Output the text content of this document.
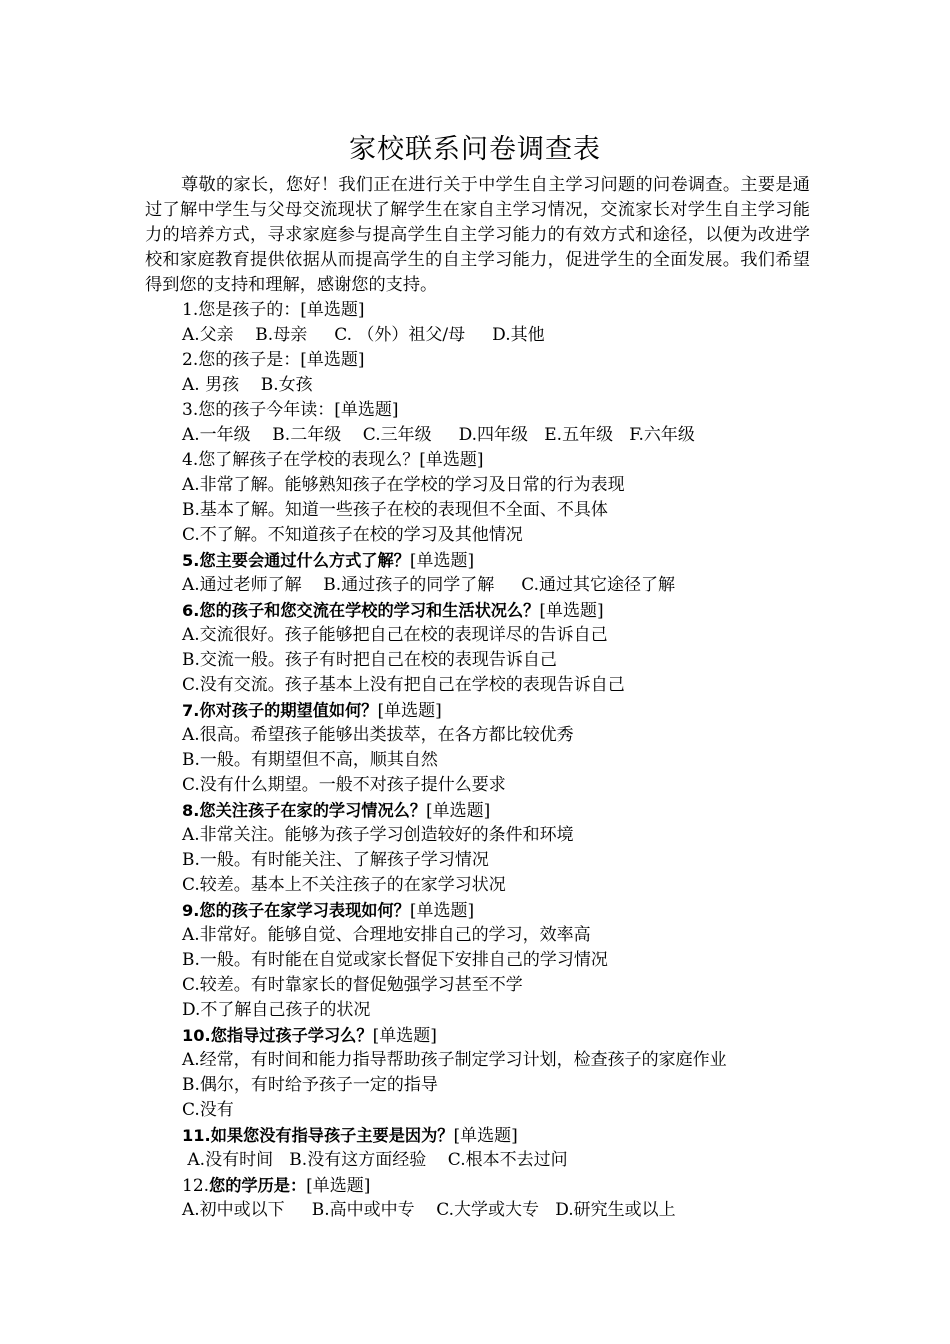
家校联系问卷调查表

尊敬的家长，您好！我们正在进行关于中学生自主学习问题的问卷调查。主要是通过了解中学生与父母交流现状了解学生在家自主学习情况，交流家长对学生自主学习能力的培养方式，寻求家庭参与提高学生自主学习能力的有效方式和途径，以便为改进学校和家庭教育提供依据从而提高学生的自主学习能力，促进学生的全面发展。我们希望得到您的支持和理解，感谢您的支持。

1.您是孩子的：[单选题]
A.父亲    B.母亲     C. （外）祖父/母     D.其他
2.您的孩子是：[单选题]
A. 男孩    B.女孩
3.您的孩子今年读：[单选题]
A.一年级    B.二年级    C.三年级     D.四年级   E.五年级   F.六年级
4.您了解孩子在学校的表现么？[单选题]
A.非常了解。能够熟知孩子在学校的学习及日常的行为表现
B.基本了解。知道一些孩子在校的表现但不全面、不具体
C.不了解。不知道孩子在校的学习及其他情况
5.您主要会通过什么方式了解？[单选题]
A.通过老师了解    B.通过孩子的同学了解     C.通过其它途径了解
6.您的孩子和您交流在学校的学习和生活状况么？[单选题]
A.交流很好。孩子能够把自己在校的表现详尽的告诉自己
B.交流一般。孩子有时把自己在校的表现告诉自己
C.没有交流。孩子基本上没有把自己在学校的表现告诉自己
7.你对孩子的期望值如何？[单选题]
A.很高。希望孩子能够出类拔萃，在各方都比较优秀
B.一般。有期望但不高，顺其自然
C.没有什么期望。一般不对孩子提什么要求
8.您关注孩子在家的学习情况么？[单选题]
A.非常关注。能够为孩子学习创造较好的条件和环境
B.一般。有时能关注、了解孩子学习情况
C.较差。基本上不关注孩子的在家学习状况
9.您的孩子在家学习表现如何？[单选题]
A.非常好。能够自觉、合理地安排自己的学习，效率高
B.一般。有时能在自觉或家长督促下安排自己的学习情况
C.较差。有时靠家长的督促勉强学习甚至不学
D.不了解自己孩子的状况
10.您指导过孩子学习么？[单选题]
A.经常，有时间和能力指导帮助孩子制定学习计划，检查孩子的家庭作业
B.偶尔，有时给予孩子一定的指导
C.没有
11.如果您没有指导孩子主要是因为？[单选题]
A.没有时间   B.没有这方面经验    C.根本不去过问
12.您的学历是：[单选题]
A.初中或以下     B.高中或中专    C.大学或大专   D.研究生或以上
